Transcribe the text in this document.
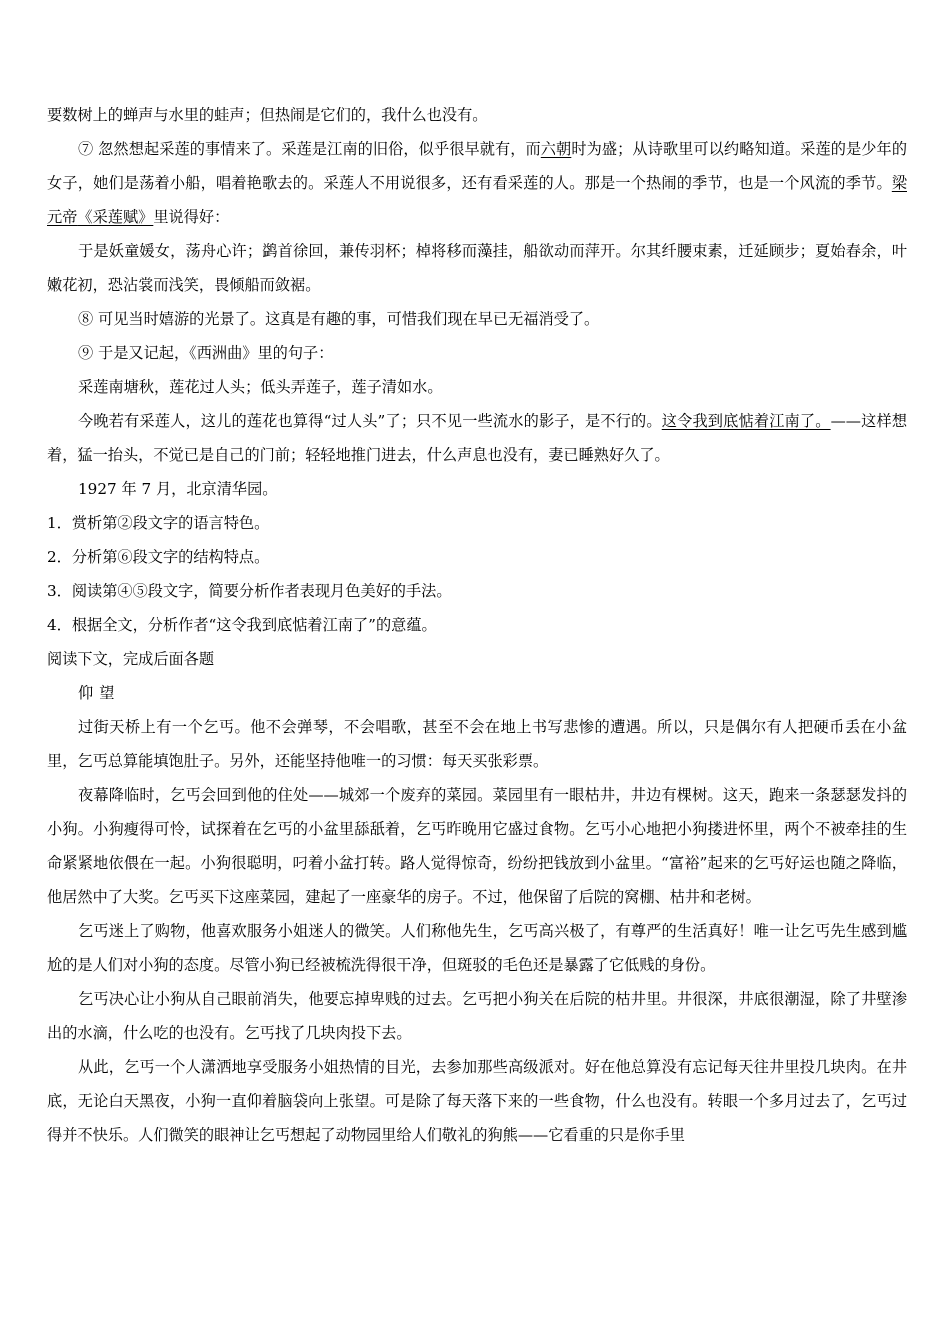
要数树上的蝉声与水里的蛙声；但热闹是它们的，我什么也没有。

⑦ 忽然想起采莲的事情来了。采莲是江南的旧俗，似乎很早就有，而六朝时为盛；从诗歌里可以约略知道。采莲的是少年的女子，她们是荡着小船，唱着艳歌去的。采莲人不用说很多，还有看采莲的人。那是一个热闹的季节，也是一个风流的季节。梁元帝《采莲赋》里说得好：

于是妖童媛女，荡舟心许；鹢首徐回，兼传羽杯；棹将移而藻挂，船欲动而萍开。尔其纤腰束素，迁延顾步；夏始春余，叶嫩花初，恐沾裳而浅笑，畏倾船而敛裾。

⑧ 可见当时嬉游的光景了。这真是有趣的事，可惜我们现在早已无福消受了。

⑨ 于是又记起，《西洲曲》里的句子：

采莲南塘秋，莲花过人头；低头弄莲子，莲子清如水。

今晚若有采莲人，这儿的莲花也算得“过人头”了；只不见一些流水的影子，是不行的。这令我到底惦着江南了。——这样想着，猛一抬头，不觉已是自己的门前；轻轻地推门进去，什么声息也没有，妻已睡熟好久了。

1927 年 7 月，北京清华园。

1．赏析第②段文字的语言特色。

2．分析第⑥段文字的结构特点。

3．阅读第④⑤段文字，简要分析作者表现月色美好的手法。

4．根据全文，分析作者“这令我到底惦着江南了”的意蕴。

阅读下文，完成后面各题

仰望

过街天桥上有一个乞丐。他不会弹琴，不会唱歌，甚至不会在地上书写悲惨的遭遇。所以，只是偶尔有人把硬币丢在小盆里，乞丐总算能填饱肚子。另外，还能坚持他唯一的习惯：每天买张彩票。

夜幕降临时，乞丐会回到他的住处——城郊一个废弃的菜园。菜园里有一眼枯井，井边有棵树。这天，跑来一条瑟瑟发抖的小狗。小狗瘦得可怜，试探着在乞丐的小盆里舔舐着，乞丐昨晚用它盛过食物。乞丐小心地把小狗搂进怀里，两个不被牵挂的生命紧紧地依偎在一起。小狗很聪明，叼着小盆打转。路人觉得惊奇，纷纷把钱放到小盆里。“富裕”起来的乞丐好运也随之降临，他居然中了大奖。乞丐买下这座菜园，建起了一座豪华的房子。不过，他保留了后院的窝棚、枯井和老树。

乞丐迷上了购物，他喜欢服务小姐迷人的微笑。人们称他先生，乞丐高兴极了，有尊严的生活真好！唯一让乞丐先生感到尴尬的是人们对小狗的态度。尽管小狗已经被梳洗得很干净，但斑驳的毛色还是暴露了它低贱的身份。

乞丐决心让小狗从自己眼前消失，他要忘掉卑贱的过去。乞丐把小狗关在后院的枯井里。井很深，井底很潮湿，除了井壁渗出的水滴，什么吃的也没有。乞丐找了几块肉投下去。

从此，乞丐一个人潇洒地享受服务小姐热情的目光，去参加那些高级派对。好在他总算没有忘记每天往井里投几块肉。在井底，无论白天黑夜，小狗一直仰着脑袋向上张望。可是除了每天落下来的一些食物，什么也没有。转眼一个多月过去了，乞丐过得并不快乐。人们微笑的眼神让乞丐想起了动物园里给人们敬礼的狗熊——它看重的只是你手里
